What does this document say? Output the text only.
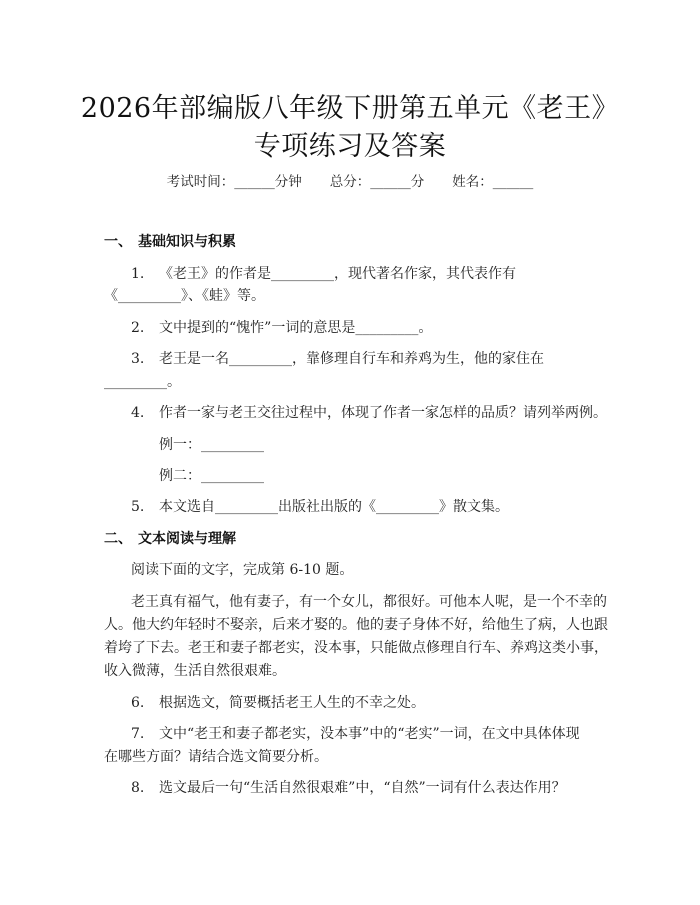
2026年部编版八年级下册第五单元《老王》
专项练习及答案
考试时间：______分钟 总分：______分 姓名：______
一、 基础知识与积累
1. 《老王》的作者是_________，现代著名作家，其代表作有
《_________》、《蛙》等。
2. 文中提到的“愧怍”一词的意思是_________。
3. 老王是一名_________，靠修理自行车和养鸡为生，他的家住在
_________。
4. 作者一家与老王交往过程中，体现了作者一家怎样的品质？请列举两例。
例一：_________
例二：_________
5. 本文选自_________出版社出版的《_________》散文集。
二、 文本阅读与理解
阅读下面的文字，完成第 6-10 题。
老王真有福气，他有妻子，有一个女儿，都很好。可他本人呢，是一个不幸的
人。他大约年轻时不娶亲，后来才娶的。他的妻子身体不好，给他生了病，人也跟
着垮了下去。老王和妻子都老实，没本事，只能做点修理自行车、养鸡这类小事，
收入微薄，生活自然很艰难。
6. 根据选文，简要概括老王人生的不幸之处。
7. 文中“老王和妻子都老实，没本事”中的“老实”一词，在文中具体体现
在哪些方面？请结合选文简要分析。
8. 选文最后一句“生活自然很艰难”中，“自然”一词有什么表达作用？
